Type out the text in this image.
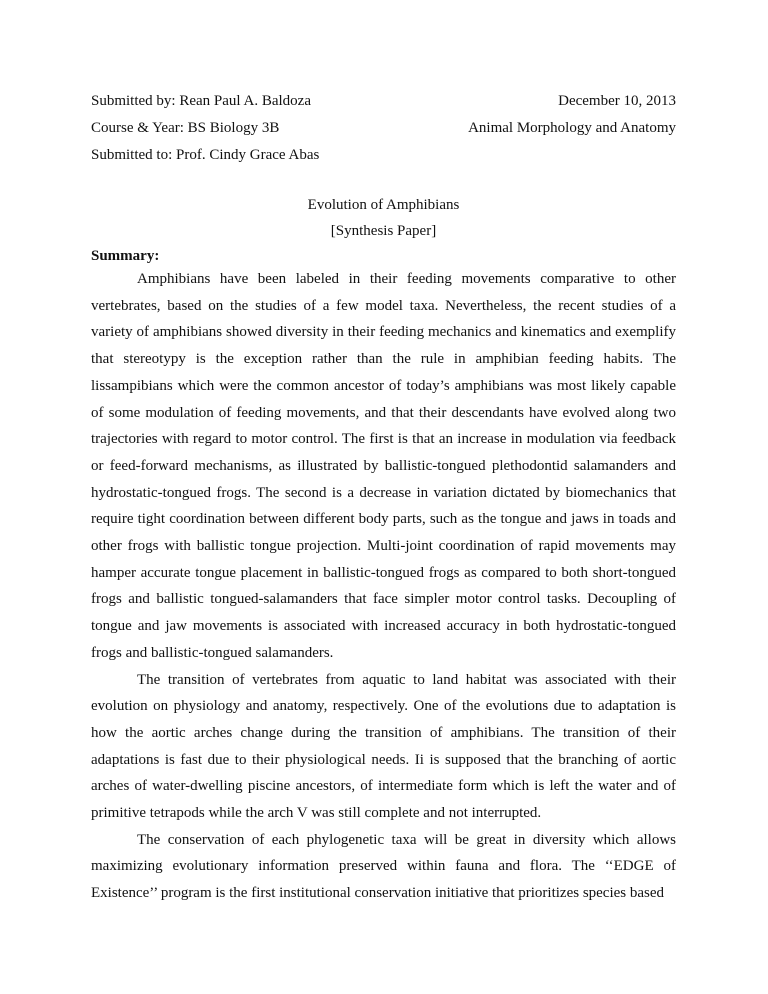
Submitted by: Rean Paul A. Baldoza	December 10, 2013
Course & Year: BS Biology 3B	Animal Morphology and Anatomy
Submitted to: Prof. Cindy Grace Abas
Evolution of Amphibians
[Synthesis Paper]
Summary:

Amphibians have been labeled in their feeding movements comparative to other vertebrates, based on the studies of a few model taxa. Nevertheless, the recent studies of a variety of amphibians showed diversity in their feeding mechanics and kinematics and exemplify that stereotypy is the exception rather than the rule in amphibian feeding habits. The lissampibians which were the common ancestor of today’s amphibians was most likely capable of some modulation of feeding movements, and that their descendants have evolved along two trajectories with regard to motor control. The first is that an increase in modulation via feedback or feed-forward mechanisms, as illustrated by ballistic-tongued plethodontid salamanders and hydrostatic-tongued frogs. The second is a decrease in variation dictated by biomechanics that require tight coordination between different body parts, such as the tongue and jaws in toads and other frogs with ballistic tongue projection. Multi-joint coordination of rapid movements may hamper accurate tongue placement in ballistic-tongued frogs as compared to both short-tongued frogs and ballistic tongued-salamanders that face simpler motor control tasks. Decoupling of tongue and jaw movements is associated with increased accuracy in both hydrostatic-tongued frogs and ballistic-tongued salamanders.

The transition of vertebrates from aquatic to land habitat was associated with their evolution on physiology and anatomy, respectively. One of the evolutions due to adaptation is how the aortic arches change during the transition of amphibians. The transition of their adaptations is fast due to their physiological needs. Ii is supposed that the branching of aortic arches of water-dwelling piscine ancestors, of intermediate form which is left the water and of primitive tetrapods while the arch V was still complete and not interrupted.

The conservation of each phylogenetic taxa will be great in diversity which allows maximizing evolutionary information preserved within fauna and flora. The ‘‘EDGE of Existence’’ program is the first institutional conservation initiative that prioritizes species based
